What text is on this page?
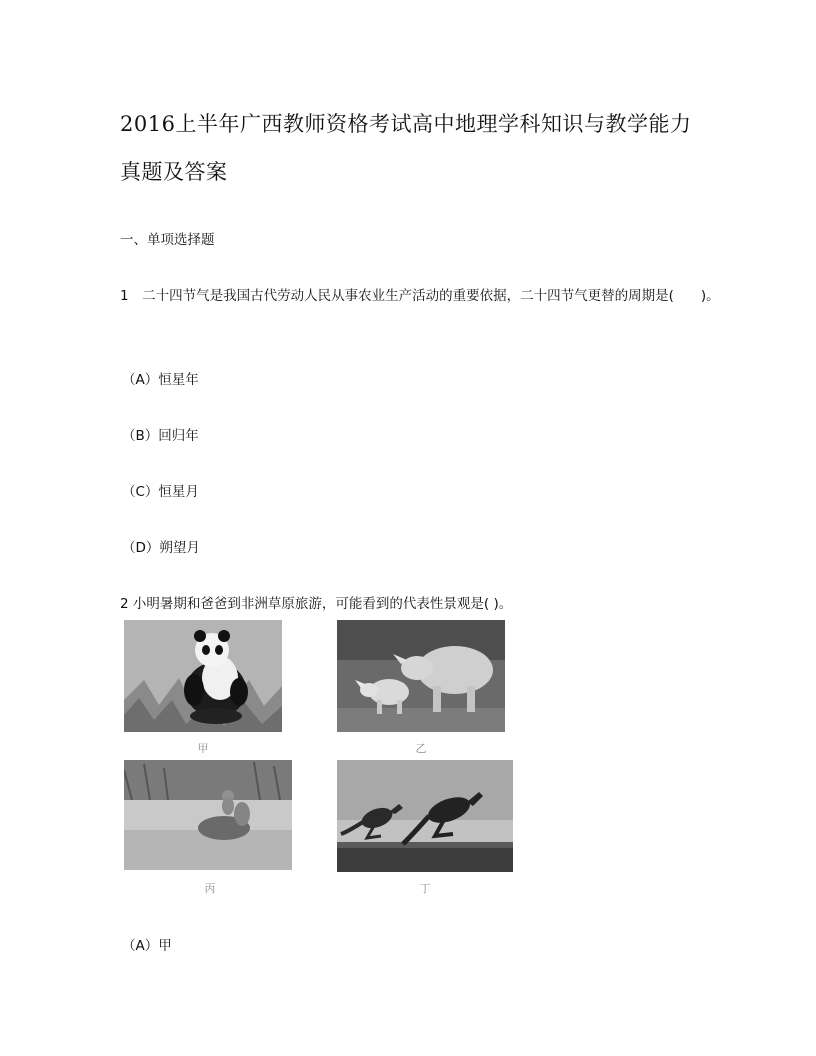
2016上半年广西教师资格考试高中地理学科知识与教学能力
真题及答案
一、单项选择题
1　二十四节气是我国古代劳动人民从事农业生产活动的重要依据，二十四节气更替的周期是(　　)。
（A）恒星年
（B）回归年
（C）恒星月
（D）朔望月
2 小明暑期和爸爸到非洲草原旅游，可能看到的代表性景观是( )。
甲	乙
丙	丁
（A）甲
